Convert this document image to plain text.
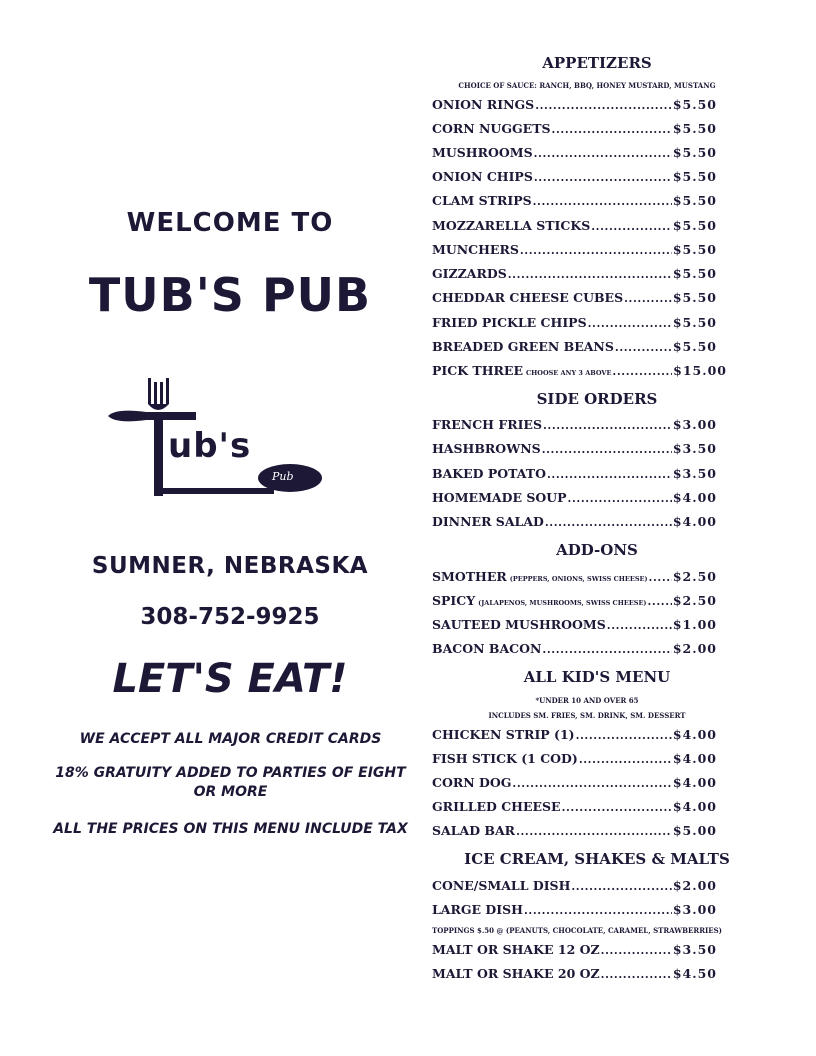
WELCOME TO
TUB'S PUB
ub's
Pub
SUMNER, NEBRASKA
308-752-9925
LET'S EAT!
WE ACCEPT ALL MAJOR CREDIT CARDS
18% GRATUITY ADDED TO PARTIES OF EIGHT OR MORE
ALL THE PRICES ON THIS MENU INCLUDE TAX
APPETIZERS
CHOICE OF SAUCE: RANCH, BBQ, HONEY MUSTARD, MUSTANG
ONION RINGS .....	$5.50
CORN NUGGETS .....	$5.50
MUSHROOMS .....	$5.50
ONION CHIPS .....	$5.50
CLAM STRIPS .....	$5.50
MOZZARELLA STICKS .....	$5.50
MUNCHERS .....	$5.50
GIZZARDS .....	$5.50
CHEDDAR CHEESE CUBES .....	$5.50
FRIED PICKLE CHIPS .....	$5.50
BREADED GREEN BEANS .....	$5.50
PICK THREE CHOOSE ANY 3 ABOVE .....	$15.00
SIDE ORDERS
FRENCH FRIES .....	$3.00
HASHBROWNS .....	$3.50
BAKED POTATO .....	$3.50
HOMEMADE SOUP .....	$4.00
DINNER SALAD .....	$4.00
ADD-ONS
SMOTHER (PEPPERS, ONIONS, SWISS CHEESE) ..... $2.50
SPICY (JALAPENOS, MUSHROOMS, SWISS CHEESE) ..... $2.50
SAUTEED MUSHROOMS .....	$1.00
BACON BACON .....	$2.00
ALL KID'S MENU
*UNDER 10 AND OVER 65
INCLUDES SM. FRIES, SM. DRINK, SM. DESSERT
CHICKEN STRIP (1) .....	$4.00
FISH STICK (1 COD) .....	$4.00
CORN DOG .....	$4.00
GRILLED CHEESE .....	$4.00
SALAD BAR .....	$5.00
ICE CREAM, SHAKES & MALTS
CONE/SMALL DISH .....	$2.00
LARGE DISH .....	$3.00
TOPPINGS $.50 @ (PEANUTS, CHOCOLATE, CARAMEL, STRAWBERRIES)
MALT OR SHAKE 12 OZ .....	$3.50
MALT OR SHAKE 20 OZ .....	$4.50
